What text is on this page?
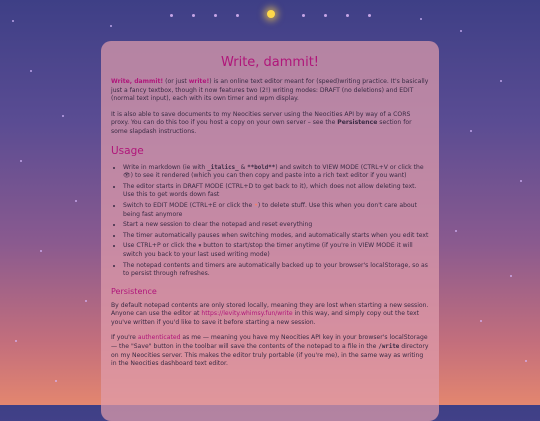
Write, dammit!

Write, dammit! (or just write!) is an online text editor meant for (speed)writing practice. It's basically just a fancy textbox, though it now features two (2!) writing modes: DRAFT (no deletions) and EDIT (normal text input), each with its own timer and wpm display.

It is also able to save documents to my Neocities server using the Neocities API by way of a CORS proxy. You can do this too if you host a copy on your own server – see the Persistence section for some slapdash instructions.

Usage
• Write in markdown (ie with _italics_ & **bold**) and switch to VIEW MODE (CTRL+V or click the 👁) to see it rendered (which you can then copy and paste into a rich text editor if you want)
• The editor starts in DRAFT MODE (CTRL+D to get back to it), which does not allow deleting text. Use this to get words down fast
• Switch to EDIT MODE (CTRL+E or click the •) to delete stuff. Use this when you don't care about being fast anymore
• Start a new session to clear the notepad and reset everything
• The timer automatically pauses when switching modes, and automatically starts when you edit text
• Use CTRL+P or click the ⏸ button to start/stop the timer anytime (if you're in VIEW MODE it will switch you back to your last used writing mode)
• The notepad contents and timers are automatically backed up to your browser's localStorage, so as to persist through refreshes.
Persistence

By default notepad contents are only stored locally, meaning they are lost when starting a new session. Anyone can use the editor at https://levity.whimsy.fun/write in this way, and simply copy out the text you've written if you'd like to save it before starting a new session.

If you're authenticated as me — meaning you have my Neocities API key in your browser's localStorage — the "Save" button in the toolbar will save the contents of the notepad to a file in the /write directory on my Neocities server. This makes the editor truly portable (if you're me), in the same way as writing in the Neocities dashboard text editor.
